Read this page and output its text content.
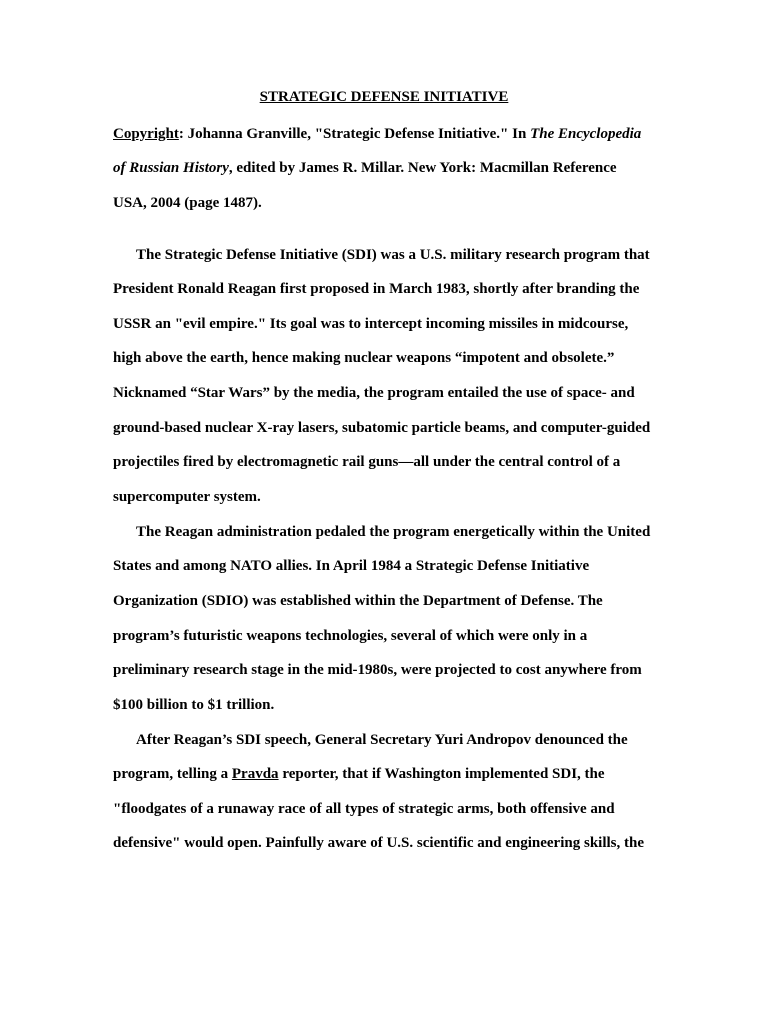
STRATEGIC DEFENSE INITIATIVE
Copyright: Johanna Granville, "Strategic Defense Initiative." In The Encyclopedia
of Russian History, edited by James R. Millar. New York: Macmillan Reference
USA, 2004 (page 1487).
The Strategic Defense Initiative (SDI) was a U.S. military research program that
President Ronald Reagan first proposed in March 1983, shortly after branding the
USSR an "evil empire." Its goal was to intercept incoming missiles in midcourse,
high above the earth, hence making nuclear weapons “impotent and obsolete.”
Nicknamed “Star Wars” by the media, the program entailed the use of space- and
ground-based nuclear X-ray lasers, subatomic particle beams, and computer-guided
projectiles fired by electromagnetic rail guns—all under the central control of a
supercomputer system.
The Reagan administration pedaled the program energetically within the United
States and among NATO allies. In April 1984 a Strategic Defense Initiative
Organization (SDIO) was established within the Department of Defense. The
program’s futuristic weapons technologies, several of which were only in a
preliminary research stage in the mid-1980s, were projected to cost anywhere from
$100 billion to $1 trillion.
After Reagan’s SDI speech, General Secretary Yuri Andropov denounced the
program, telling a Pravda reporter, that if Washington implemented SDI, the
"floodgates of a runaway race of all types of strategic arms, both offensive and
defensive" would open. Painfully aware of U.S. scientific and engineering skills, the
